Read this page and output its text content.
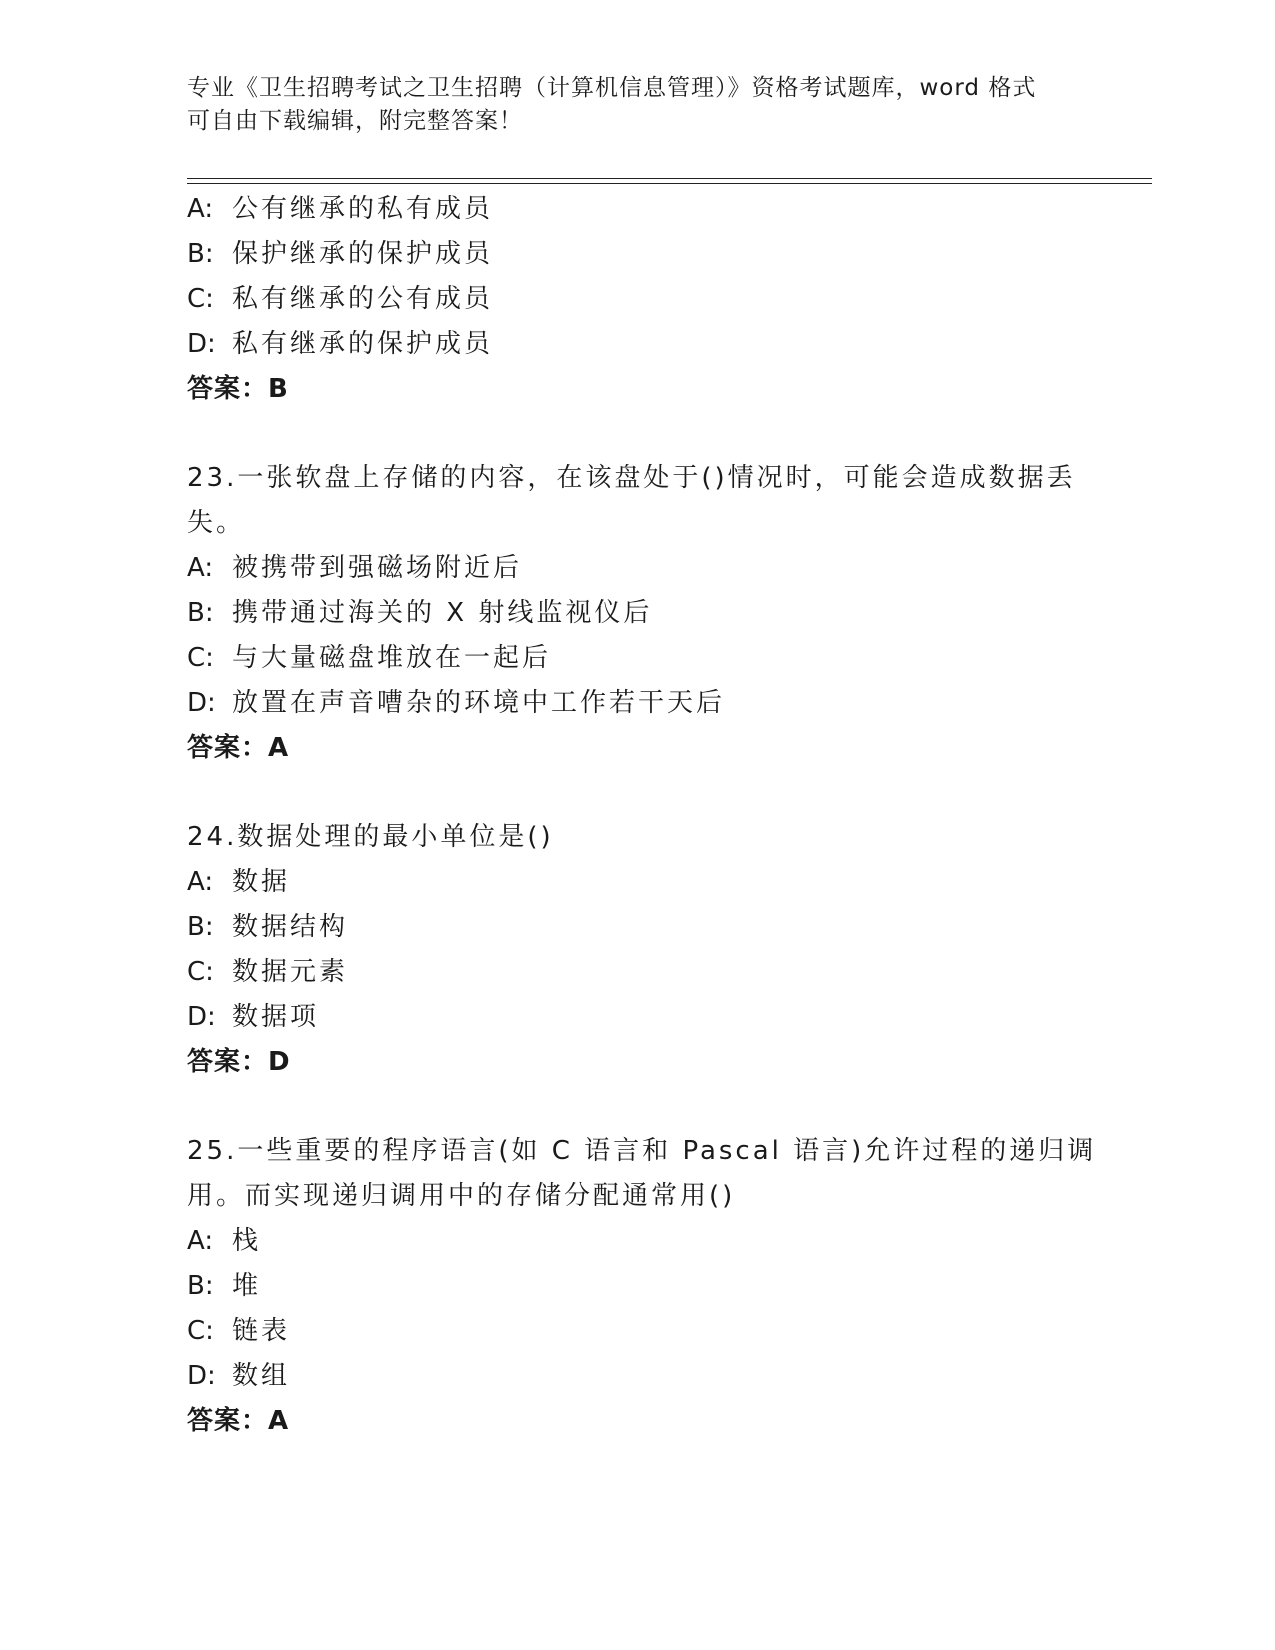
专业《卫生招聘考试之卫生招聘（计算机信息管理）》资格考试题库，word 格式
可自由下载编辑，附完整答案！
A: 公有继承的私有成员
B: 保护继承的保护成员
C: 私有继承的公有成员
D: 私有继承的保护成员
答案：B
23.一张软盘上存储的内容，在该盘处于()情况时，可能会造成数据丢
失。
A: 被携带到强磁场附近后
B: 携带通过海关的 X 射线监视仪后
C: 与大量磁盘堆放在一起后
D: 放置在声音嘈杂的环境中工作若干天后
答案：A
24.数据处理的最小单位是()
A: 数据
B: 数据结构
C: 数据元素
D: 数据项
答案：D
25.一些重要的程序语言(如 C 语言和 Pascal 语言)允许过程的递归调
用。而实现递归调用中的存储分配通常用()
A: 栈
B: 堆
C: 链表
D: 数组
答案：A
